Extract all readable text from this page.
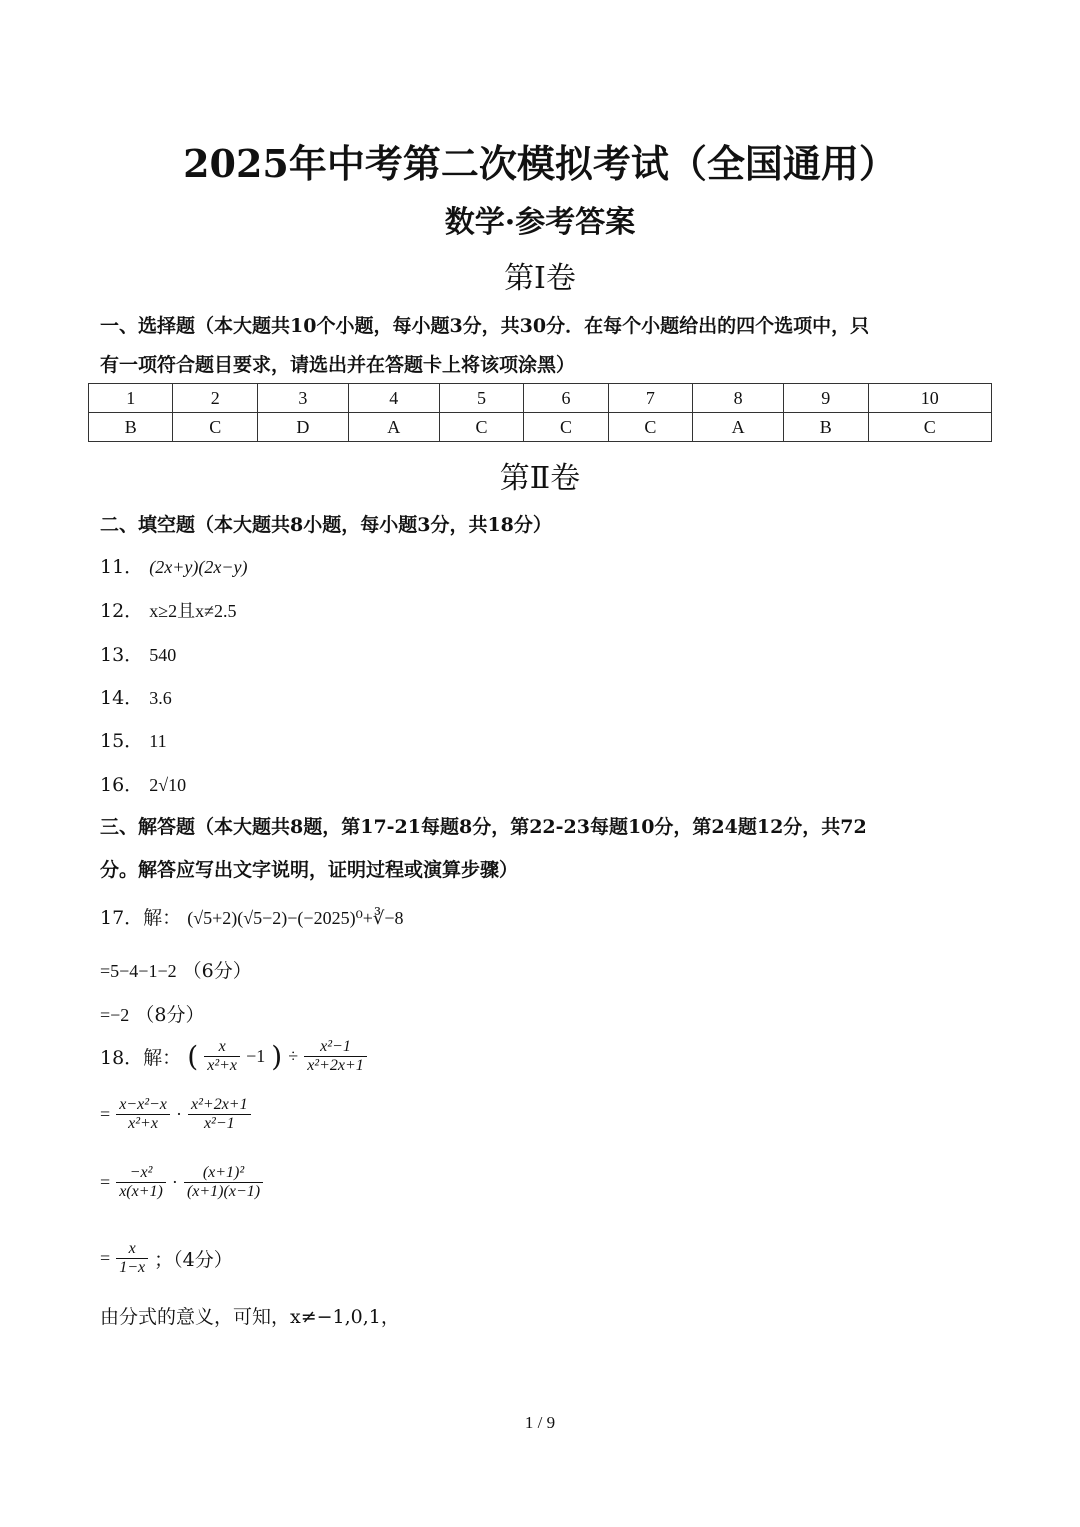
2025年中考第二次模拟考试（全国通用）
数学·参考答案
第Ⅰ卷
一、选择题（本大题共10个小题，每小题3分，共30分．在每个小题给出的四个选项中，只
有一项符合题目要求，请选出并在答题卡上将该项涂黑）
1	2	3	4	5	6	7	8	9	10
B	C	D	A	C	C	C	A	B	C
第Ⅱ卷
二、填空题（本大题共8小题，每小题3分，共18分）
11． (2x+y)(2x−y)
12． x≥2且x≠2.5
13． 540
14． 3.6
15． 11
16． 2√10
三、解答题（本大题共8题，第17-21每题8分，第22-23每题10分，第24题12分，共72
分。解答应写出文字说明，证明过程或演算步骤）
17．解： (√5+2)(√5−2)−(−2025)⁰+∛−8
=5−4−1−2 （6分）
=−2 （8分）
18．解： ( $\frac{x}{\text{x²+x}} -1$ ) ÷ $\frac{\text{x²−1}}{\text{x²+2x+1}}$
= $\frac{\text{x−x²−x}}{\text{x²+x}} \cdot \frac{\text{x²+2x+1}}{\text{x²−1}}$
= $\frac{\text{−x²}}{x(x+1)} \cdot \frac{\text{(x+1)²}}{(x+1)(x-1)}$
= $\frac{x}{1-x}$ ；（4分）
由分式的意义，可知，x≠−1,0,1，
1 / 9
